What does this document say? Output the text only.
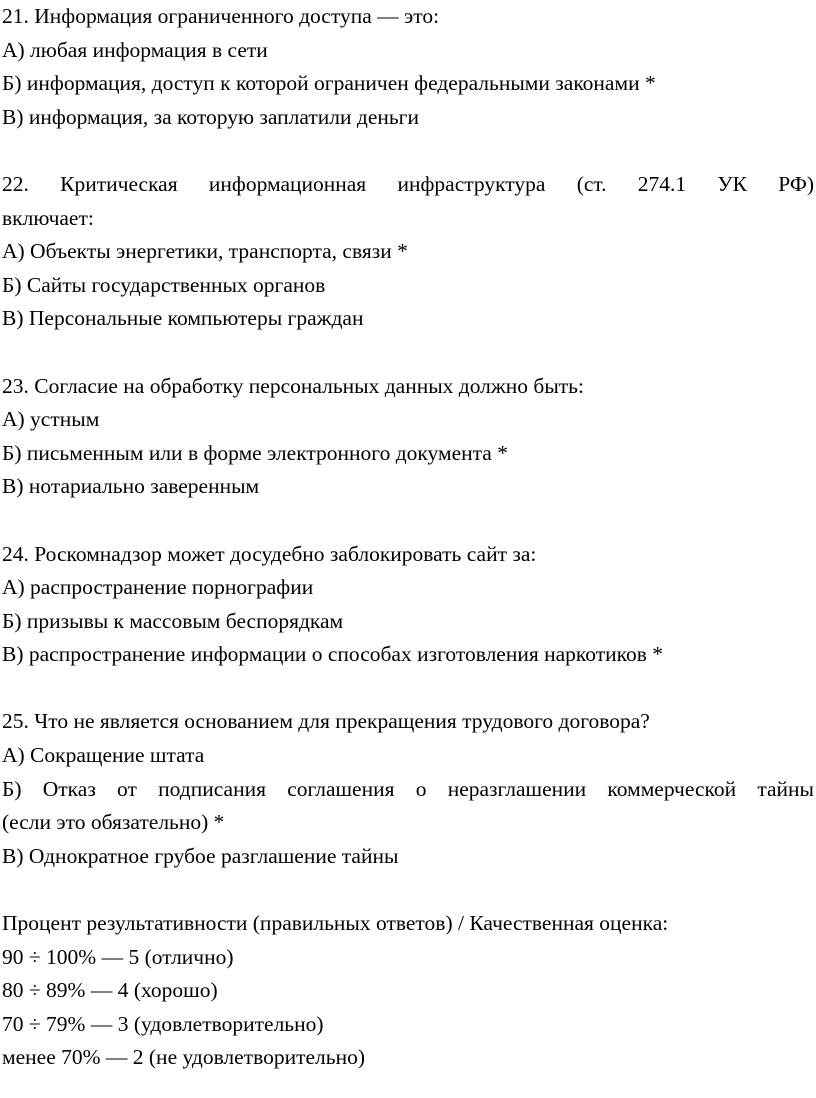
21. Информация ограниченного доступа — это:
А) любая информация в сети
Б) информация, доступ к которой ограничен федеральными законами *
В) информация, за которую заплатили деньги
22. Критическая информационная инфраструктура (ст. 274.1 УК РФ)
включает:
А) Объекты энергетики, транспорта, связи *
Б) Сайты государственных органов
В) Персональные компьютеры граждан
23. Согласие на обработку персональных данных должно быть:
А) устным
Б) письменным или в форме электронного документа *
В) нотариально заверенным
24. Роскомнадзор может досудебно заблокировать сайт за:
А) распространение порнографии
Б) призывы к массовым беспорядкам
В) распространение информации о способах изготовления наркотиков *
25. Что не является основанием для прекращения трудового договора?
А) Сокращение штата
Б) Отказ от подписания соглашения о неразглашении коммерческой тайны
(если это обязательно) *
В) Однократное грубое разглашение тайны
Процент результативности (правильных ответов) / Качественная оценка:
90 ÷ 100% — 5 (отлично)
80 ÷ 89% — 4 (хорошо)
70 ÷ 79% — 3 (удовлетворительно)
менее 70% — 2 (не удовлетворительно)
